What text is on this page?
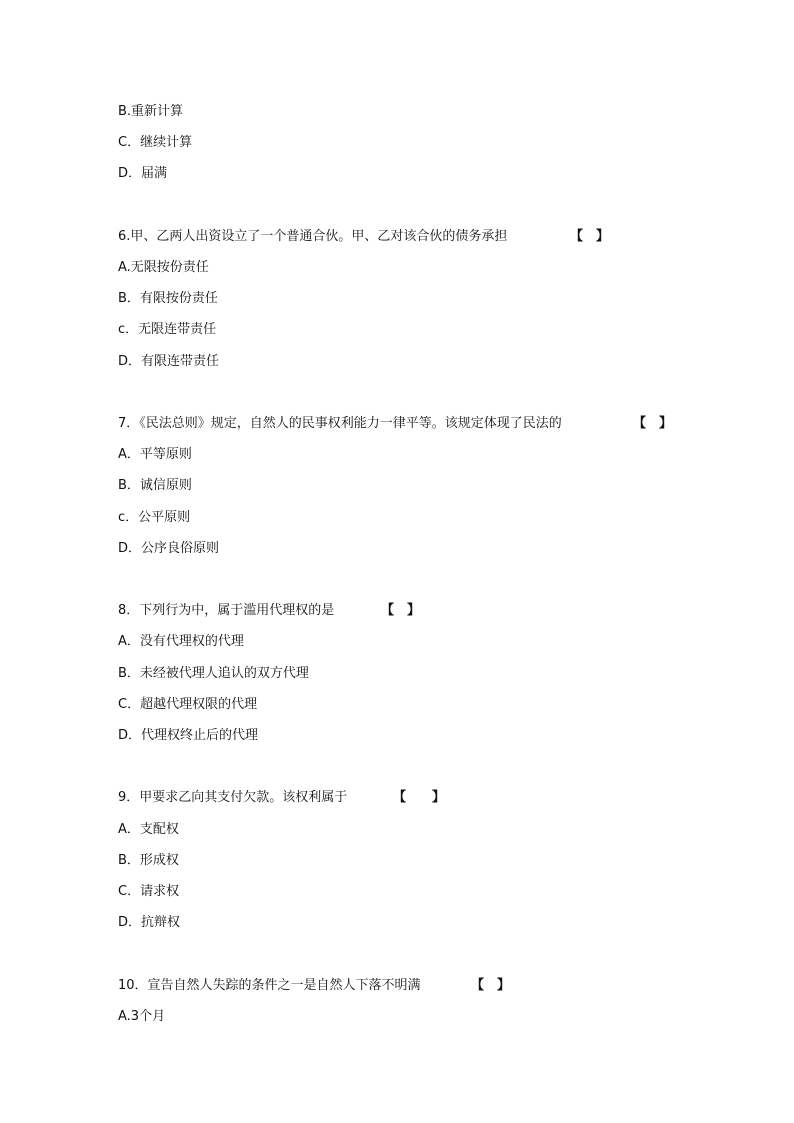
B.重新计算
C．继续计算
D．届满
6.甲、乙两人出资设立了一个普通合伙。甲、乙对该合伙的债务承担	【　】
A.无限按份责任
B．有限按份责任
c．无限连带责任
D．有限连带责任
7．《民法总则》规定，自然人的民事权利能力一律平等。该规定体现了民法的	【　】
A．平等原则
B．诚信原则
c．公平原则
D．公序良俗原则
8．下列行为中，属于滥用代理权的是	【　】
A．没有代理权的代理
B．未经被代理人追认的双方代理
C．超越代理权限的代理
D．代理权终止后的代理
9．甲要求乙向其支付欠款。该权利属于	【　　】
A．支配权
B．形成权
C．请求权
D．抗辩权
10．宣告自然人失踪的条件之一是自然人下落不明满	【　】
A.3个月
